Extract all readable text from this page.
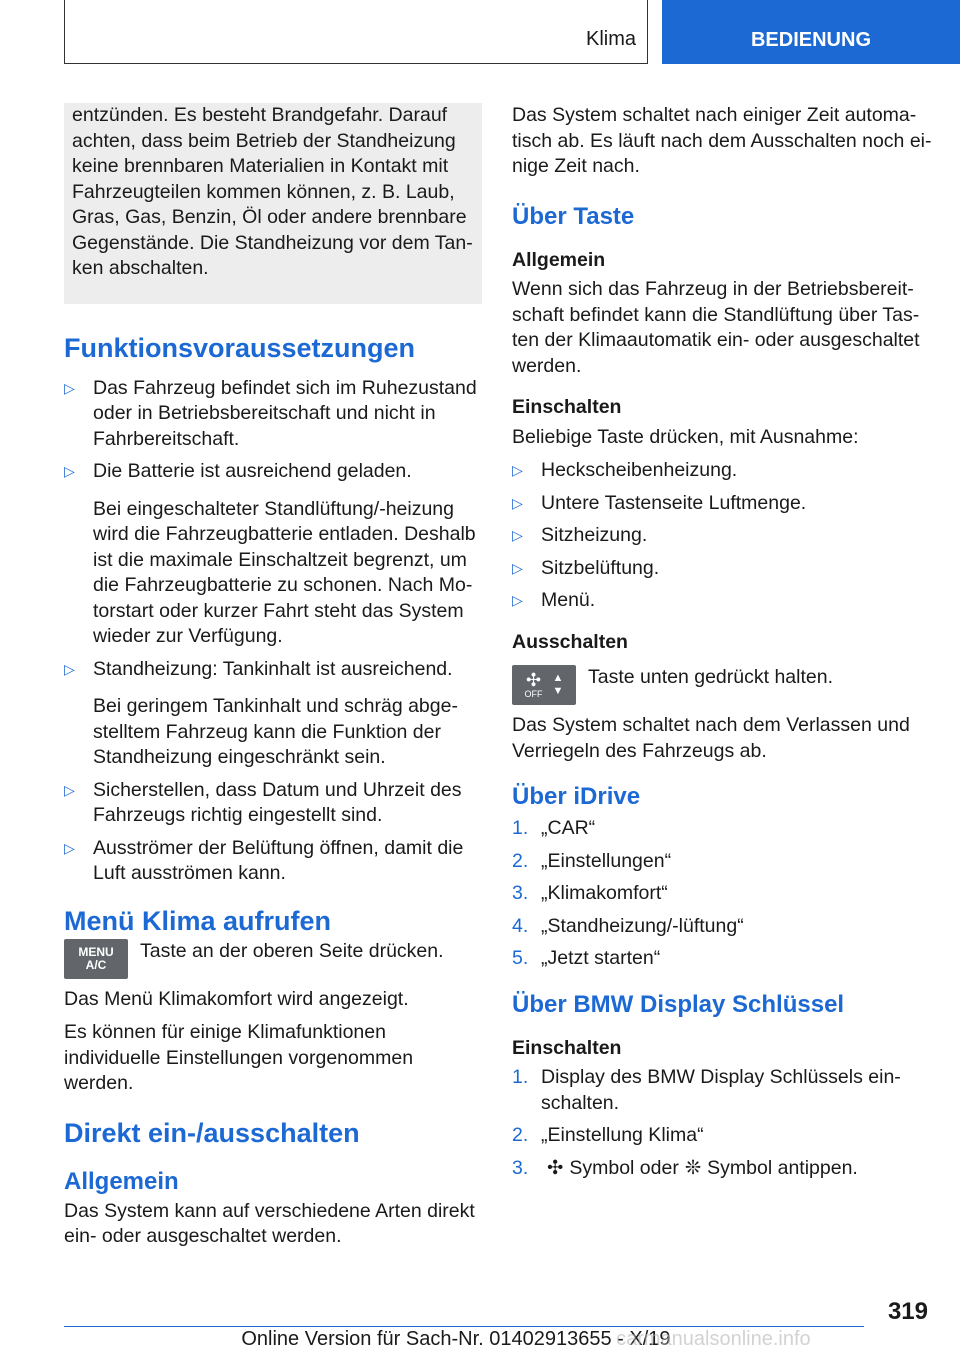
Klima	BEDIENUNG

entzünden. Es besteht Brandgefahr. Darauf

achten, dass beim Betrieb der Standheizung

keine brennbaren Materialien in Kontakt mit

Fahrzeugteilen kommen können, z. B. Laub,

Gras, Gas, Benzin, Öl oder andere brennbare

Gegenstände. Die Standheizung vor dem Tan-

ken abschalten.

Funktionsvoraussetzungen
▷ Das Fahrzeug befindet sich im Ruhezustand oder in Betriebsbereitschaft und nicht in Fahrbereitschaft.
▷ Die Batterie ist ausreichend geladen.

Bei eingeschalteter Standlüftung/-heizung wird die Fahrzeugbatterie entladen. Deshalb ist die maximale Einschaltzeit begrenzt, um die Fahrzeugbatterie zu schonen. Nach Mo-torstart oder kurzer Fahrt steht das System wieder zur Verfügung.

▷ Standheizung: Tankinhalt ist ausreichend.

Bei geringem Tankinhalt und schräg abge-stelltem Fahrzeug kann die Funktion der Standheizung eingeschränkt sein.

▷ Sicherstellen, dass Datum und Uhrzeit des Fahrzeugs richtig eingestellt sind.
▷ Ausströmer der Belüftung öffnen, damit die Luft ausströmen kann.
Menü Klima aufrufen
MENU
A/C
Taste an der oberen Seite drücken.

Das Menü Klimakomfort wird angezeigt.

Es können für einige Klimafunktionen individuelle Einstellungen vorgenommen werden.

Direkt ein-/ausschalten
Allgemein

Das System kann auf verschiedene Arten direkt ein- oder ausgeschaltet werden.

Das System schaltet nach einiger Zeit automa-tisch ab. Es läuft nach dem Ausschalten noch ei-nige Zeit nach.

Über Taste
Allgemein

Wenn sich das Fahrzeug in der Betriebsbereit-schaft befindet kann die Standlüftung über Tas-ten der Klimaautomatik ein- oder ausgeschaltet werden.

Einschalten

Beliebige Taste drücken, mit Ausnahme:

▷ Heckscheibenheizung.
▷ Untere Tastenseite Luftmenge.
▷ Sitzheizung.
▷ Sitzbelüftung.
▷ Menü.
Ausschalten
✣
OFF
▲
▼
Taste unten gedrückt halten.

Das System schaltet nach dem Verlassen und Verriegeln des Fahrzeugs ab.

Über iDrive
1. „CAR“
2. „Einstellungen“
3. „Klimakomfort“
4. „Standheizung/-lüftung“
5. „Jetzt starten“
Über BMW Display Schlüssel
Einschalten
1. Display des BMW Display Schlüssels ein-schalten.
2. „Einstellung Klima“
3. ✣ Symbol oder ❊ Symbol antippen.
319
Online Version für Sach-Nr. 01402913655 - X/19 carmanualsonline.info
